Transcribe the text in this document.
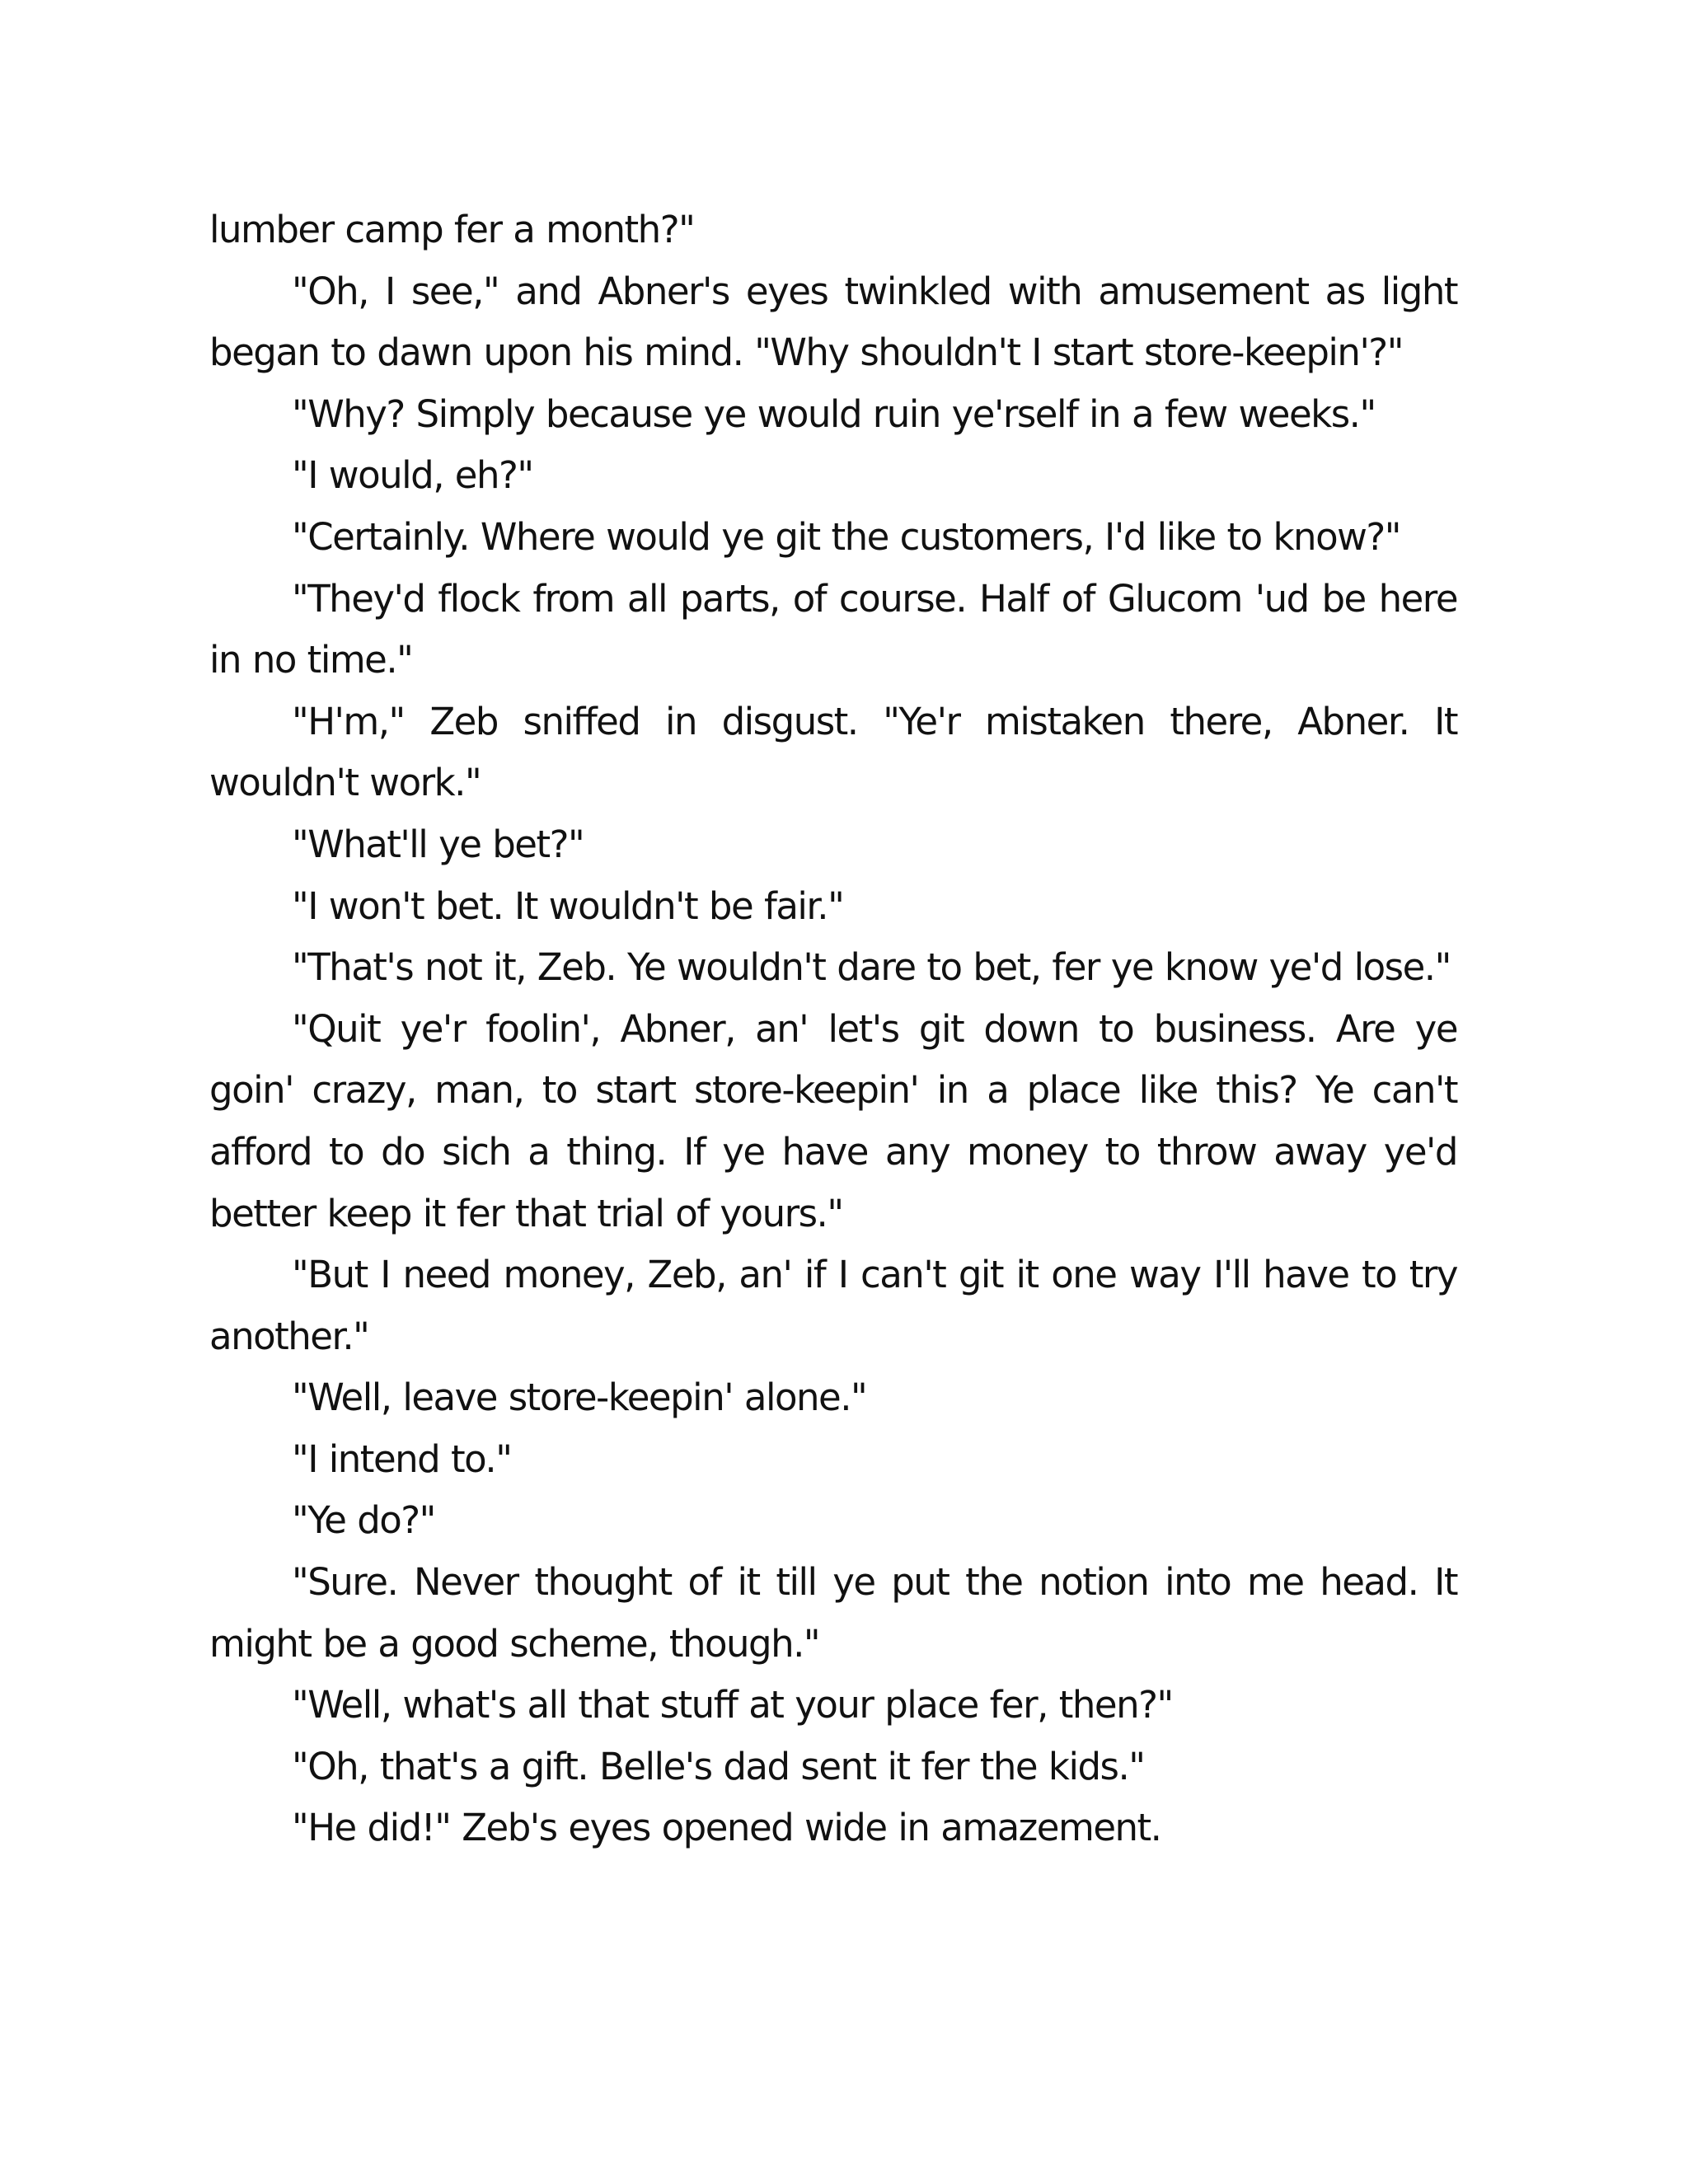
lumber camp fer a month?"

"Oh, I see," and Abner's eyes twinkled with amusement as light began to dawn upon his mind. "Why shouldn't I start store-keepin'?"

"Why? Simply because ye would ruin ye'rself in a few weeks."

"I would, eh?"

"Certainly. Where would ye git the customers, I'd like to know?"

"They'd flock from all parts, of course. Half of Glucom 'ud be here in no time."

"H'm," Zeb sniffed in disgust. "Ye'r mistaken there, Abner. It wouldn't work."

"What'll ye bet?"

"I won't bet. It wouldn't be fair."

"That's not it, Zeb. Ye wouldn't dare to bet, fer ye know ye'd lose."

"Quit ye'r foolin', Abner, an' let's git down to business. Are ye goin' crazy, man, to start store-keepin' in a place like this? Ye can't afford to do sich a thing. If ye have any money to throw away ye'd better keep it fer that trial of yours."

"But I need money, Zeb, an' if I can't git it one way I'll have to try another."

"Well, leave store-keepin' alone."

"I intend to."

"Ye do?"

"Sure. Never thought of it till ye put the notion into me head. It might be a good scheme, though."

"Well, what's all that stuff at your place fer, then?"

"Oh, that's a gift. Belle's dad sent it fer the kids."

"He did!" Zeb's eyes opened wide in amazement.
